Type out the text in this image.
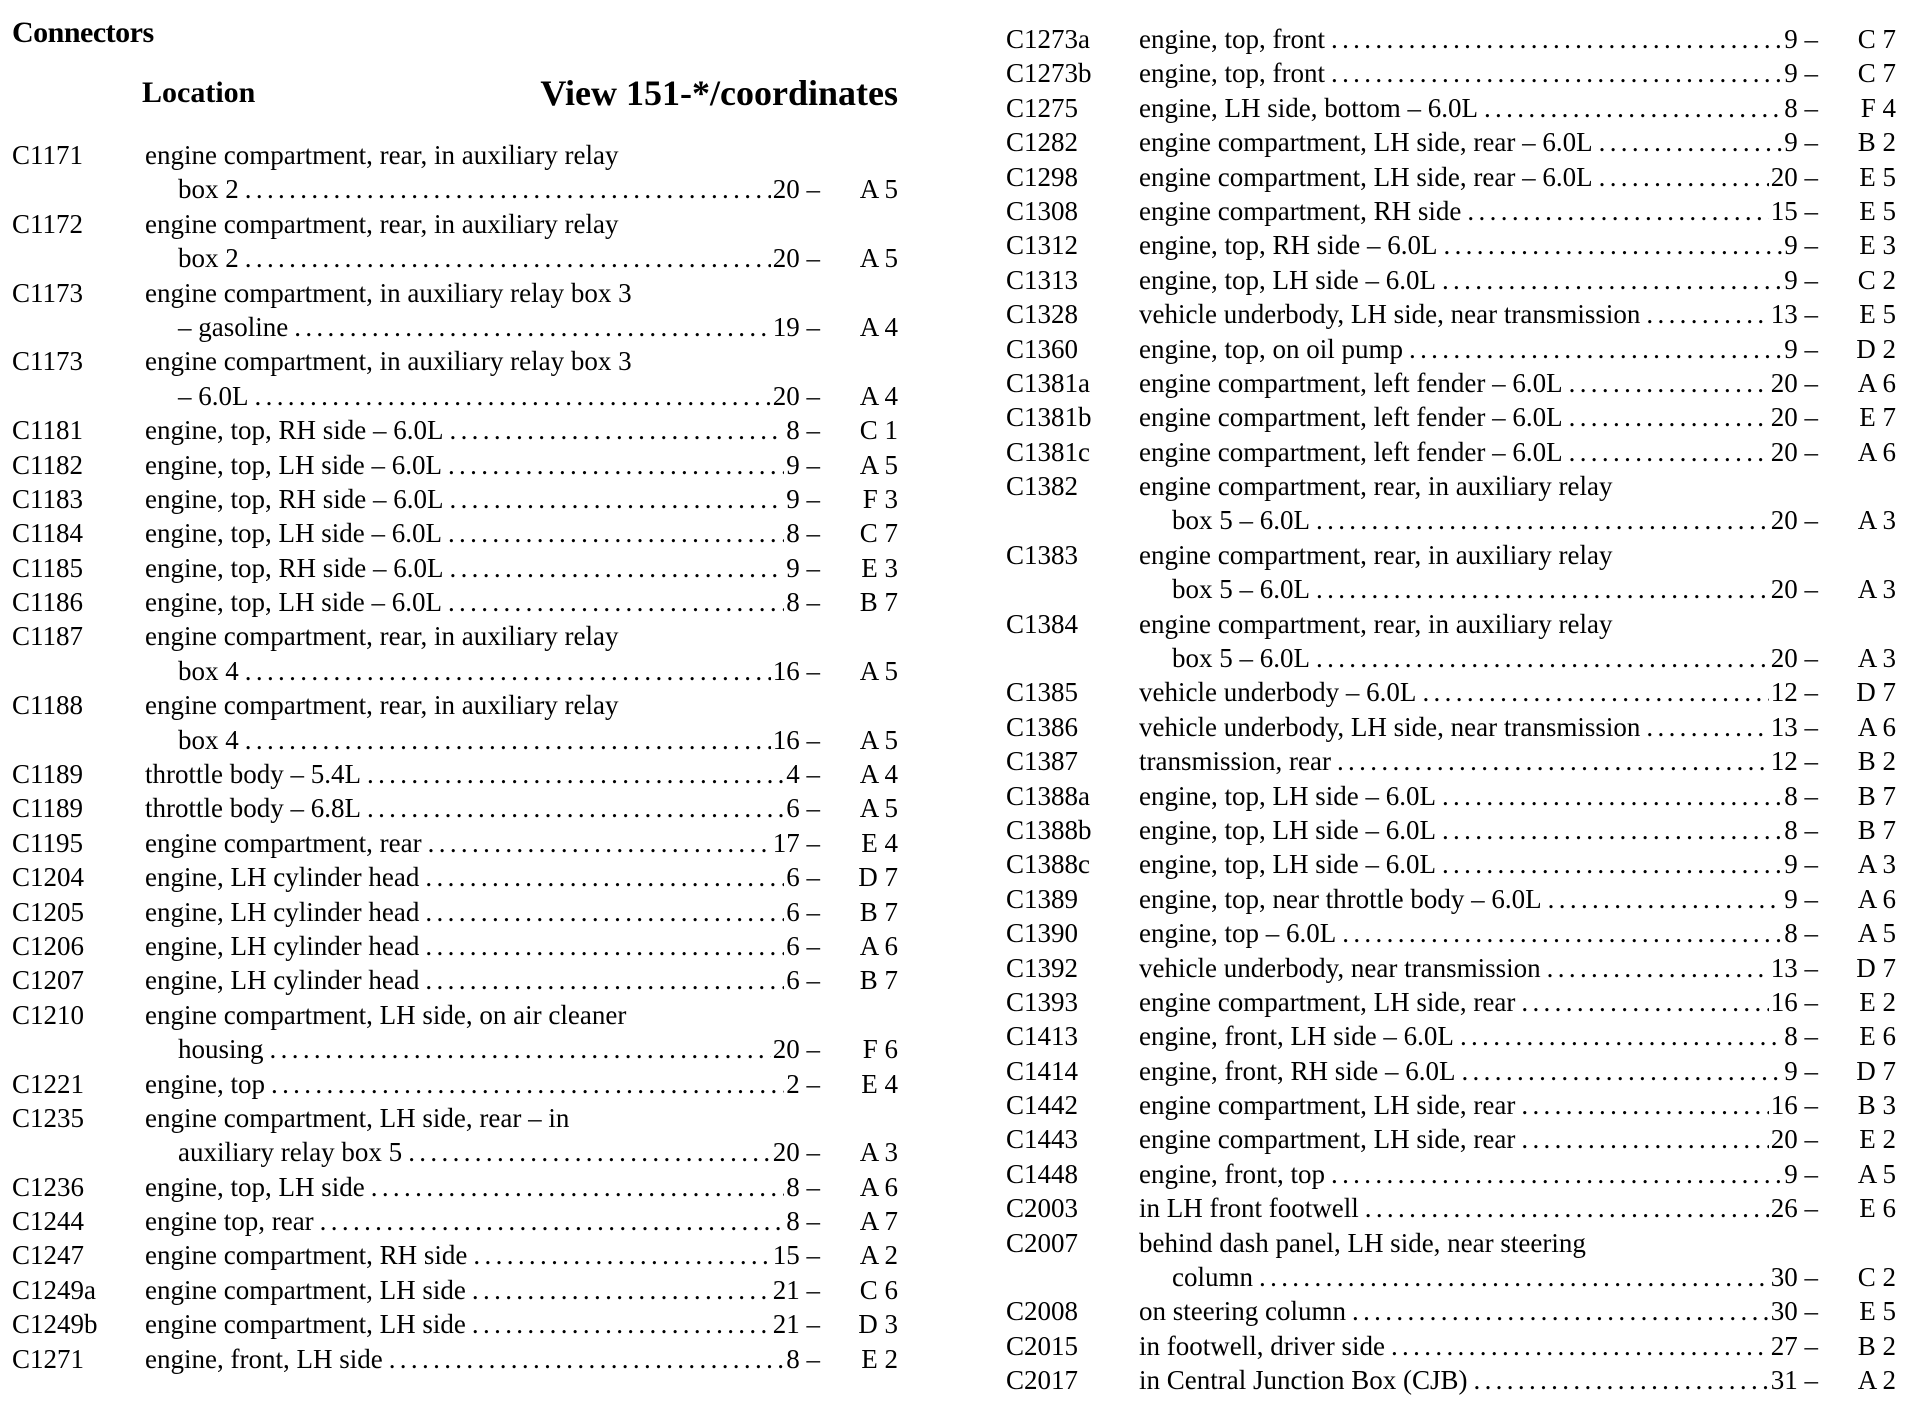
Connectors
Location	View 151-*/coordinates
C1171	engine compartment, rear, in auxiliary relay
box 2 . . .	20 –	A 5
C1172	engine compartment, rear, in auxiliary relay
box 2 . . .	20 –	A 5
C1173	engine compartment, in auxiliary relay box 3
– gasoline . . .	19 –	A 4
C1173	engine compartment, in auxiliary relay box 3
– 6.0L . . .	20 –	A 4
C1181	engine, top, RH side – 6.0L . . .	8 –	C 1
C1182	engine, top, LH side – 6.0L . . .	9 –	A 5
C1183	engine, top, RH side – 6.0L . . .	9 –	F 3
C1184	engine, top, LH side – 6.0L . . .	8 –	C 7
C1185	engine, top, RH side – 6.0L . . .	9 –	E 3
C1186	engine, top, LH side – 6.0L . . .	8 –	B 7
C1187	engine compartment, rear, in auxiliary relay
box 4 . . .	16 –	A 5
C1188	engine compartment, rear, in auxiliary relay
box 4 . . .	16 –	A 5
C1189	throttle body – 5.4L . . .	4 –	A 4
C1189	throttle body – 6.8L . . .	6 –	A 5
C1195	engine compartment, rear . . .	17 –	E 4
C1204	engine, LH cylinder head . . .	6 –	D 7
C1205	engine, LH cylinder head . . .	6 –	B 7
C1206	engine, LH cylinder head . . .	6 –	A 6
C1207	engine, LH cylinder head . . .	6 –	B 7
C1210	engine compartment, LH side, on air cleaner
housing . . .	20 –	F 6
C1221	engine, top . . .	2 –	E 4
C1235	engine compartment, LH side, rear – in
auxiliary relay box 5 . . .	20 –	A 3
C1236	engine, top, LH side . . .	8 –	A 6
C1244	engine top, rear . . .	8 –	A 7
C1247	engine compartment, RH side . . .	15 –	A 2
C1249a	engine compartment, LH side . . .	21 –	C 6
C1249b	engine compartment, LH side . . .	21 –	D 3
C1271	engine, front, LH side . . .	8 –	E 2
C1273a	engine, top, front . . .	9 –	C 7
C1273b	engine, top, front . . .	9 –	C 7
C1275	engine, LH side, bottom – 6.0L . . .	8 –	F 4
C1282	engine compartment, LH side, rear – 6.0L . . .	9 –	B 2
C1298	engine compartment, LH side, rear – 6.0L . . .	20 –	E 5
C1308	engine compartment, RH side . . .	15 –	E 5
C1312	engine, top, RH side – 6.0L . . .	9 –	E 3
C1313	engine, top, LH side – 6.0L . . .	9 –	C 2
C1328	vehicle underbody, LH side, near transmission . . .	13 –	E 5
C1360	engine, top, on oil pump . . .	9 –	D 2
C1381a	engine compartment, left fender – 6.0L . . .	20 –	A 6
C1381b	engine compartment, left fender – 6.0L . . .	20 –	E 7
C1381c	engine compartment, left fender – 6.0L . . .	20 –	A 6
C1382	engine compartment, rear, in auxiliary relay
box 5 – 6.0L . . .	20 –	A 3
C1383	engine compartment, rear, in auxiliary relay
box 5 – 6.0L . . .	20 –	A 3
C1384	engine compartment, rear, in auxiliary relay
box 5 – 6.0L . . .	20 –	A 3
C1385	vehicle underbody – 6.0L . . .	12 –	D 7
C1386	vehicle underbody, LH side, near transmission . . .	13 –	A 6
C1387	transmission, rear . . .	12 –	B 2
C1388a	engine, top, LH side – 6.0L . . .	8 –	B 7
C1388b	engine, top, LH side – 6.0L . . .	8 –	B 7
C1388c	engine, top, LH side – 6.0L . . .	9 –	A 3
C1389	engine, top, near throttle body – 6.0L . . .	9 –	A 6
C1390	engine, top – 6.0L . . .	8 –	A 5
C1392	vehicle underbody, near transmission . . .	13 –	D 7
C1393	engine compartment, LH side, rear . . .	16 –	E 2
C1413	engine, front, LH side – 6.0L . . .	8 –	E 6
C1414	engine, front, RH side – 6.0L . . .	9 –	D 7
C1442	engine compartment, LH side, rear . . .	16 –	B 3
C1443	engine compartment, LH side, rear . . .	20 –	E 2
C1448	engine, front, top . . .	9 –	A 5
C2003	in LH front footwell . . .	26 –	E 6
C2007	behind dash panel, LH side, near steering
column . . .	30 –	C 2
C2008	on steering column . . .	30 –	E 5
C2015	in footwell, driver side . . .	27 –	B 2
C2017	in Central Junction Box (CJB) . . .	31 –	A 2
